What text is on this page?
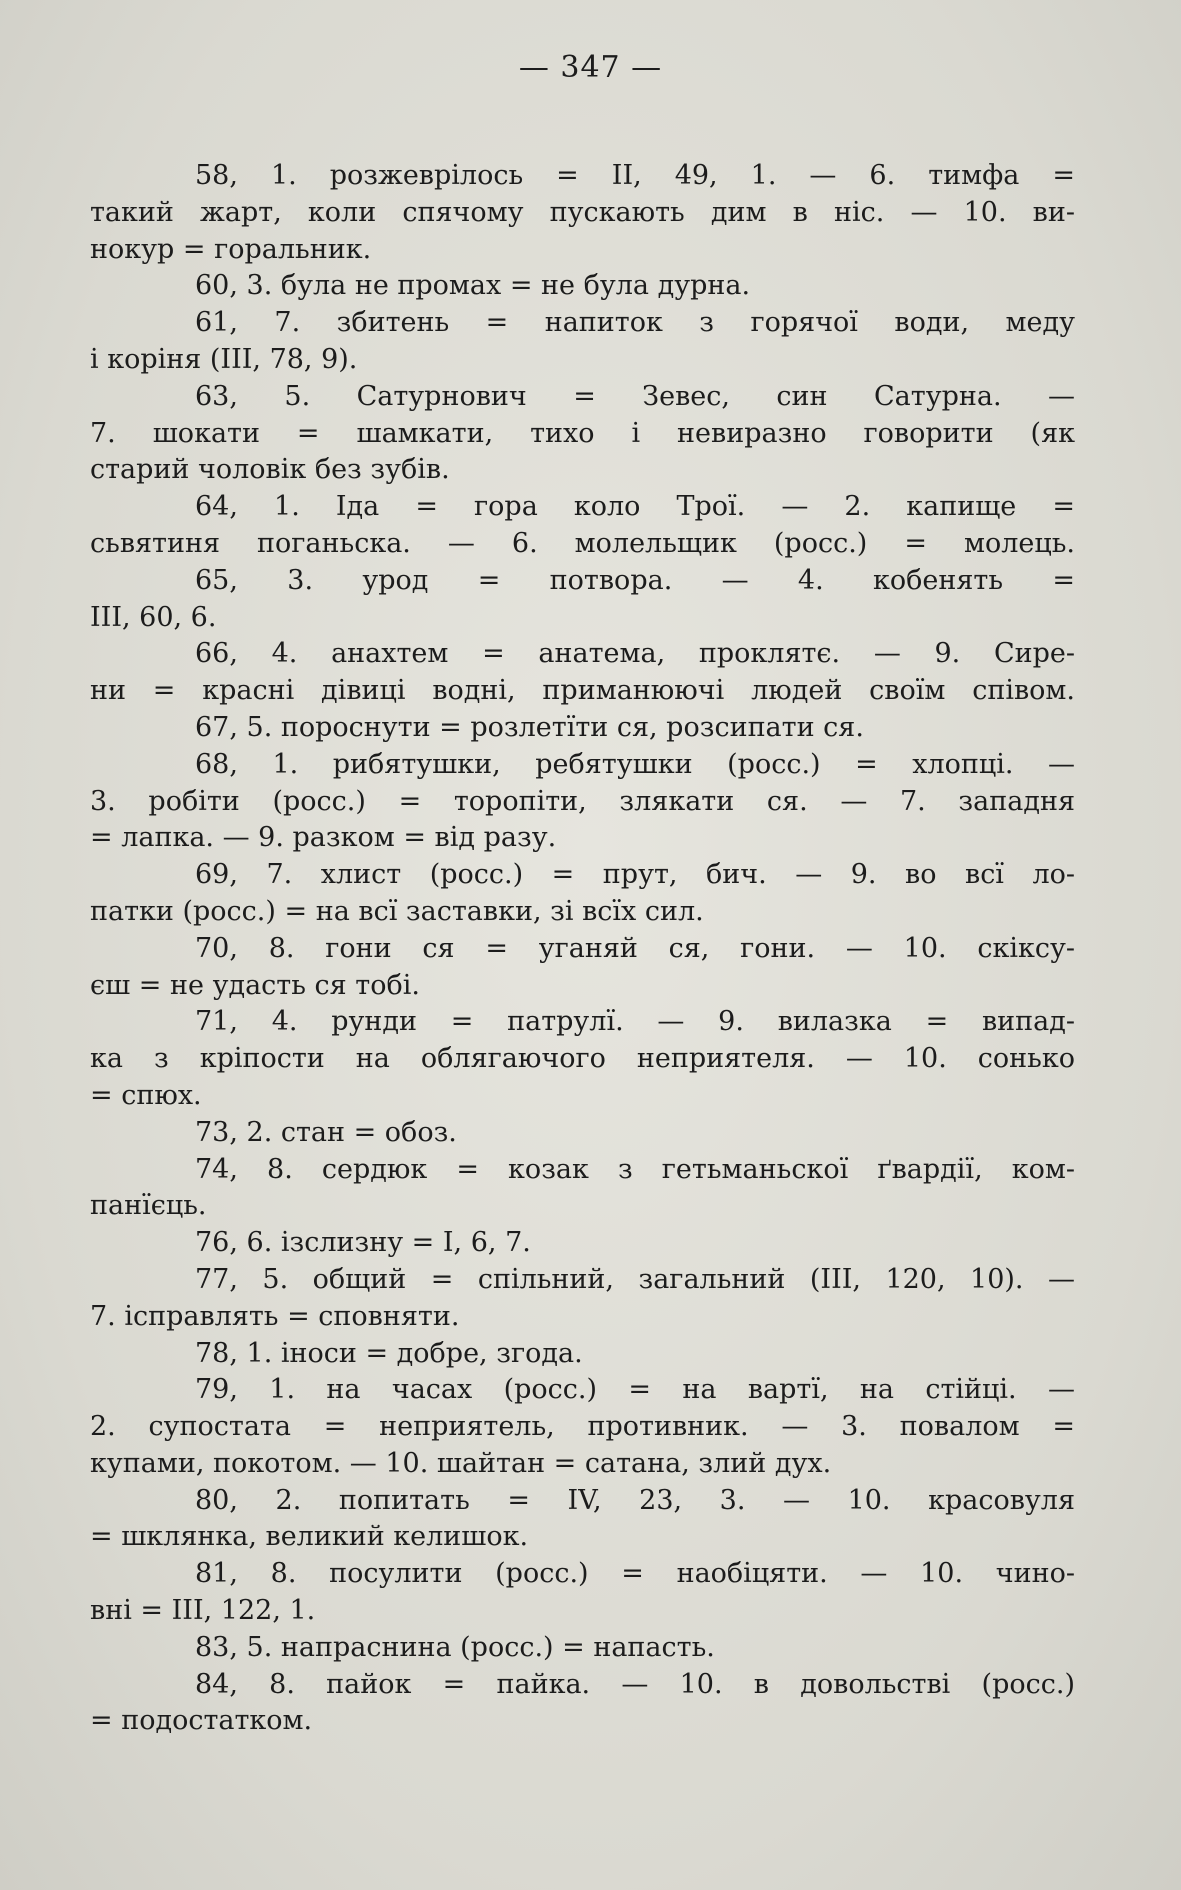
— 347 —
58, 1. розжеврілось = II, 49, 1. — 6. тимфа =
такий жарт, коли спячому пускають дим в ніс. — 10. ви-
нокур = горальник.
60, 3. була не промах = не була дурна.
61, 7. збитень = напиток з горячої води, меду
і коріня (III, 78, 9).
63, 5. Сатурнович = Зевес, син Сатурна. —
7. шокати = шамкати, тихо і невиразно говорити (як
старий чоловік без зубів.
64, 1. Іда = гора коло Трої. — 2. капище =
сьвятиня поганьска. — 6. молельщик (росс.) = молець.
65, 3. урод = потвора. — 4. кобенять =
III, 60, 6.
66, 4. анахтем = анатема, проклятє. — 9. Сире-
ни = красні дівиці водні, приманюючі людей своїм співом.
67, 5. пороснути = розлетїти ся, розсипати ся.
68, 1. рибятушки, ребятушки (росс.) = хлопці. —
3. робіти (росс.) = торопіти, злякати ся. — 7. западня
= лапка. — 9. разком = від разу.
69, 7. хлист (росс.) = прут, бич. — 9. во всї ло-
патки (росс.) = на всї заставки, зі всїх сил.
70, 8. гони ся = уганяй ся, гони. — 10. скіксу-
єш = не удасть ся тобі.
71, 4. рунди = патрулї. — 9. вилазка = випад-
ка з кріпости на облягаючого неприятеля. — 10. сонько
= спюх.
73, 2. стан = обоз.
74, 8. сердюк = козак з гетьманьскої ґвардії, ком-
панїєць.
76, 6. ізслизну = I, 6, 7.
77, 5. общий = спільний, загальний (III, 120, 10). —
7. ісправлять = сповняти.
78, 1. іноси = добре, згода.
79, 1. на часах (росс.) = на вартї, на стійці. —
2. супостата = неприятель, противник. — 3. повалом =
купами, покотом. — 10. шайтан = сатана, злий дух.
80, 2. попитать = IV, 23, 3. — 10. красовуля
= шклянка, великий келишок.
81, 8. посулити (росс.) = наобіцяти. — 10. чино-
вні = III, 122, 1.
83, 5. напраснина (росс.) = напасть.
84, 8. пайок = пайка. — 10. в довольстві (росс.)
= подостатком.
